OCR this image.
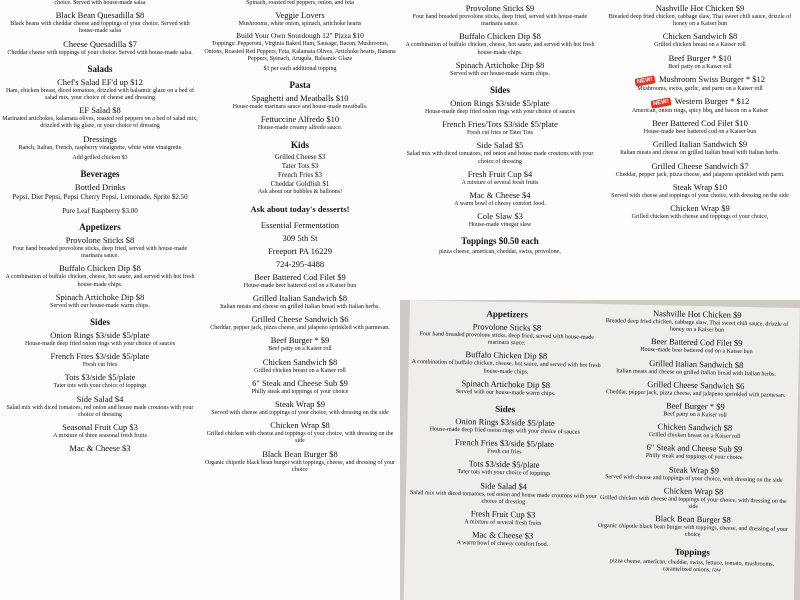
choice. Served with house-made salsa
Black Bean Quesadilla $8
Black beans with cheddar cheese and toppings of your choice. Served with house-made salsa
Cheese Quesadilla $7
Cheddar cheese with toppings of your choice. Served with house-made salsa.
Salads
Chef's Salad EF'd up $12
Ham, chicken breast, diced tomatoes, drizzled with balsamic glaze on a bed of salad mix, your choice of cheese and dressing
EF Salad $8
Marinated artichokes, kalamata olives, roasted red peppers on a bed of salad mix, drizzled with fig glaze, or your choice of dressing
Dressings
Ranch, Italian, French, raspberry vinaigrette, white wine vinaigrette
Add grilled chicken $3
Beverages
Bottled Drinks
Pepsi, Diet Pepsi, Pepsi Cherry Pepsi, Lemonade, Sprite $2.50
Pure Leaf Raspberry $3.00
Appetizers
Provolone Sticks $8
Four hand breaded provolone sticks, deep fried, served with house-made marinara sauce.
Buffalo Chicken Dip $8
A combination of buffalo chicken, cheese, hot sauce, and served with hot fresh house-made chips.
Spinach Artichoke Dip $8
Served with our house-made warm chips.
Sides
Onion Rings $3/side $5/plate
House-made deep fried onion rings with your choice of sauces
French Fries $3/side $5/plate
Fresh cut fries
Tots $3/side $5/plate
Tater tots with your choice of toppings
Side Salad $4
Salad mix with diced tomatoes, red onion and house made croutons with your choice of dressing
Seasonal Fruit Cup $3
A mixture of three seasonal fresh fruits
Mac & Cheese $3
Spinach, roasted red peppers, onion, and feta
Veggie Lovers
Mushrooms, white onion, spinach, artichoke hearts
Build Your Own Sourdough 12" Pizza $10
Toppings: Pepperoni, Virginia Baked Ham, Sausage, Bacon, Mushrooms, Onions, Roasted Red Peppers, Feta, Kalamata Olives, Artichoke hearts, Banana Peppers, Spinach, Arugula, Balsamic Glaze
$1 per each additional topping
Pasta
Spaghetti and Meatballs $10
House-made marinara sauce and house-made meatballs.
Fettuccine Alfredo $10
House-made creamy alfredo sauce.
Kids
Grilled Cheese $3
Tater Tots $3
French Fries $3
Cheddar Goldfish $1
Ask about our bubbles & balloons!
Ask about today's desserts!
Essential Fermentation
309 5th St
Freeport PA 16229
724-295-4488
Beer Battered Cod Filet $9
House-made beer battered cod on a Kaiser bun
Grilled Italian Sandwich $8
Italian meats and cheese on grilled Italian bread with Italian herbs.
Grilled Cheese Sandwich $6
Cheddar, pepper jack, pizza cheese, and jalapeno sprinkled with parmesan.
Beef Burger * $9
Beef patty on a Kaiser roll
Chicken Sandwich $8
Grilled chicken breast on a Kaiser roll
6" Steak and Cheese Sub $9
Philly steak and toppings of your choice
Steak Wrap $9
Served with cheese and toppings of your choice, with dressing on the side
Chicken Wrap $8
Grilled chicken with cheese and toppings of your choice, with dressing on the side
Black Bean Burger $8
Organic chipotle black bean burger with toppings, cheese, and dressing of your choice
Provolone Sticks $9
Four hand breaded provolone sticks, deep fried, served with house-made marinara sauce.
Buffalo Chicken Dip $8
A combination of buffalo chicken, cheese, hot sauce, and served with hot fresh house-made chips.
Spinach Artichoke Dip $8
Served with our house-made warm chips.
Sides
Onion Rings $3/side $5/plate
House-made deep fried onion rings with your choice of sauces
French Fries/Tots $3/side $5/plate
Fresh cut fries or Tater Tots
Side Salad $5
Salad mix with diced tomatoes, red onion and house made croutons with your choice of dressing
Fresh Fruit Cup $4
A mixture of several fresh fruits
Mac & Cheese $4
A warm bowl of cheesy comfort food.
Cole Slaw $3
House-made vinegar slaw
Toppings $0.50 each
pizza cheese, american, cheddar, swiss, provolone,
Nashville Hot Chicken $9
Breaded deep fried chicken, cabbage slaw, Thai sweet chili sauce, drizzle of honey on a Kaiser bun
Chicken Sandwich $8
Grilled chicken breast on a Kaiser roll
Beef Burger * $10
Beef patty on a Kaiser roll
NEW! Mushroom Swiss Burger * $12
Mushrooms, swiss, garlic, and parm on a Kaiser roll
NEW! Western Burger * $12
American, onion rings, spicy bbq, and bacon on a Kaiser
Beer Battered Cod Filet $10
House-made beer battered cod on a Kaiser bun
Grilled Italian Sandwich $9
Italian meats and cheese on grilled Italian bread with Italian herbs.
Grilled Cheese Sandwich $7
Cheddar, pepper jack, pizza cheese, and jalapeno sprinkled with parm.
Steak Wrap $10
Served with cheese and toppings of your choice, with dressing on the side
Chicken Wrap $9
Grilled chicken with cheese and toppings of your choice,
Appetizers
Provolone Sticks $8
Four hand breaded provolone sticks, deep fried, served with house-made marinara sauce.
Buffalo Chicken Dip $8
A combination of buffalo chicken, cheese, hot sauce, and served with hot fresh house-made chips.
Spinach Artichoke Dip $8
Served with our house-made warm chips.
Sides
Onion Rings $3/side $5/plate
House-made deep fried onion rings with your choice of sauces
French Fries $3/side $5/plate
Fresh cut fries
Tots $3/side $5/plate
Tater tots with your choice of toppings
Side Salad $4
Salad mix with diced tomatoes, red onion and house made croutons with your choice of dressing
Fresh Fruit Cup $3
A mixture of several fresh fruits
Mac & Cheese $3
A warm bowl of cheesy comfort food.
Nashville Hot Chicken $9
Breaded deep fried chicken, cabbage slaw, Thai sweet chili sauce, drizzle of honey on a Kaiser bun
Beer Battered Cod Filet $9
House-made beer battered cod on a Kaiser bun
Grilled Italian Sandwich $8
Italian meats and cheese on grilled Italian bread with Italian herbs.
Grilled Cheese Sandwich $6
Cheddar, pepper jack, pizza cheese, and jalapeno sprinkled with parmesan.
Beef Burger * $9
Beef patty on a Kaiser roll
Chicken Sandwich $8
Grilled chicken breast on a Kaiser roll
6" Steak and Cheese Sub $9
Philly steak and toppings of your choice
Steak Wrap $9
Served with cheese and toppings of your choice, with dressing on the side
Chicken Wrap $8
Grilled chicken with cheese and toppings of your choice, with dressing on the side
Black Bean Burger $8
Organic chipotle black bean burger with toppings, cheese, and dressing of your choice
Toppings
pizza cheese, american, cheddar, swiss, lettuce, tomato, mushrooms, caramelized onions, raw
